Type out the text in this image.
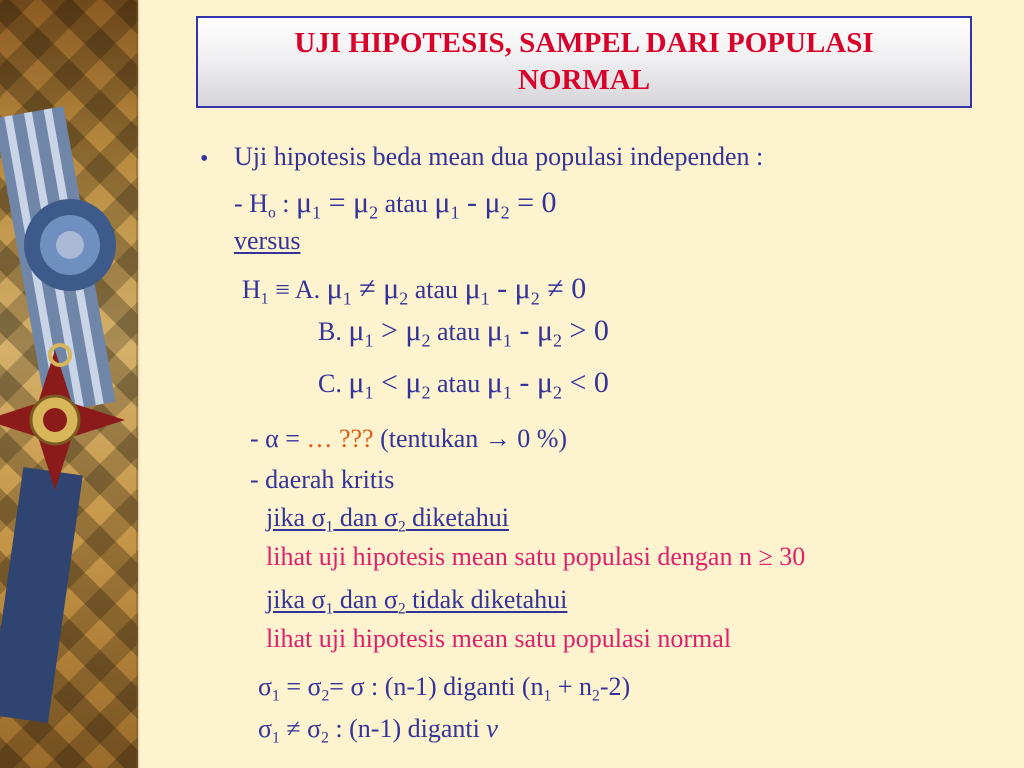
UJI HIPOTESIS, SAMPEL DARI POPULASI
NORMAL
• Uji hipotesis beda mean dua populasi independen :
- $H_o$ : $\mu_1 = \mu_2$ atau $\mu_1 - \mu_2 = 0$
versus
$H_1 \equiv A$. $\mu_1 \ne \mu_2$ atau $\mu_1 - \mu_2 \ne 0$
B. $\mu_1 > \mu_2$ atau $\mu_1 - \mu_2 > 0$
C. $\mu_1 < \mu_2$ atau $\mu_1 - \mu_2 < 0$
- α = … ??? (tentukan → 0 %)
- daerah kritis
jika $\sigma_1$ dan $\sigma_2$ diketahui
lihat uji hipotesis mean satu populasi dengan n ≥ 30
jika $\sigma_1$ dan $\sigma_2$ tidak diketahui
lihat uji hipotesis mean satu populasi normal
$\sigma_1 = \sigma_2= \sigma$ : (n-1) diganti $(n_1 + n_2-2)$
$\sigma_1 \ne \sigma_2$ : (n-1) diganti v
